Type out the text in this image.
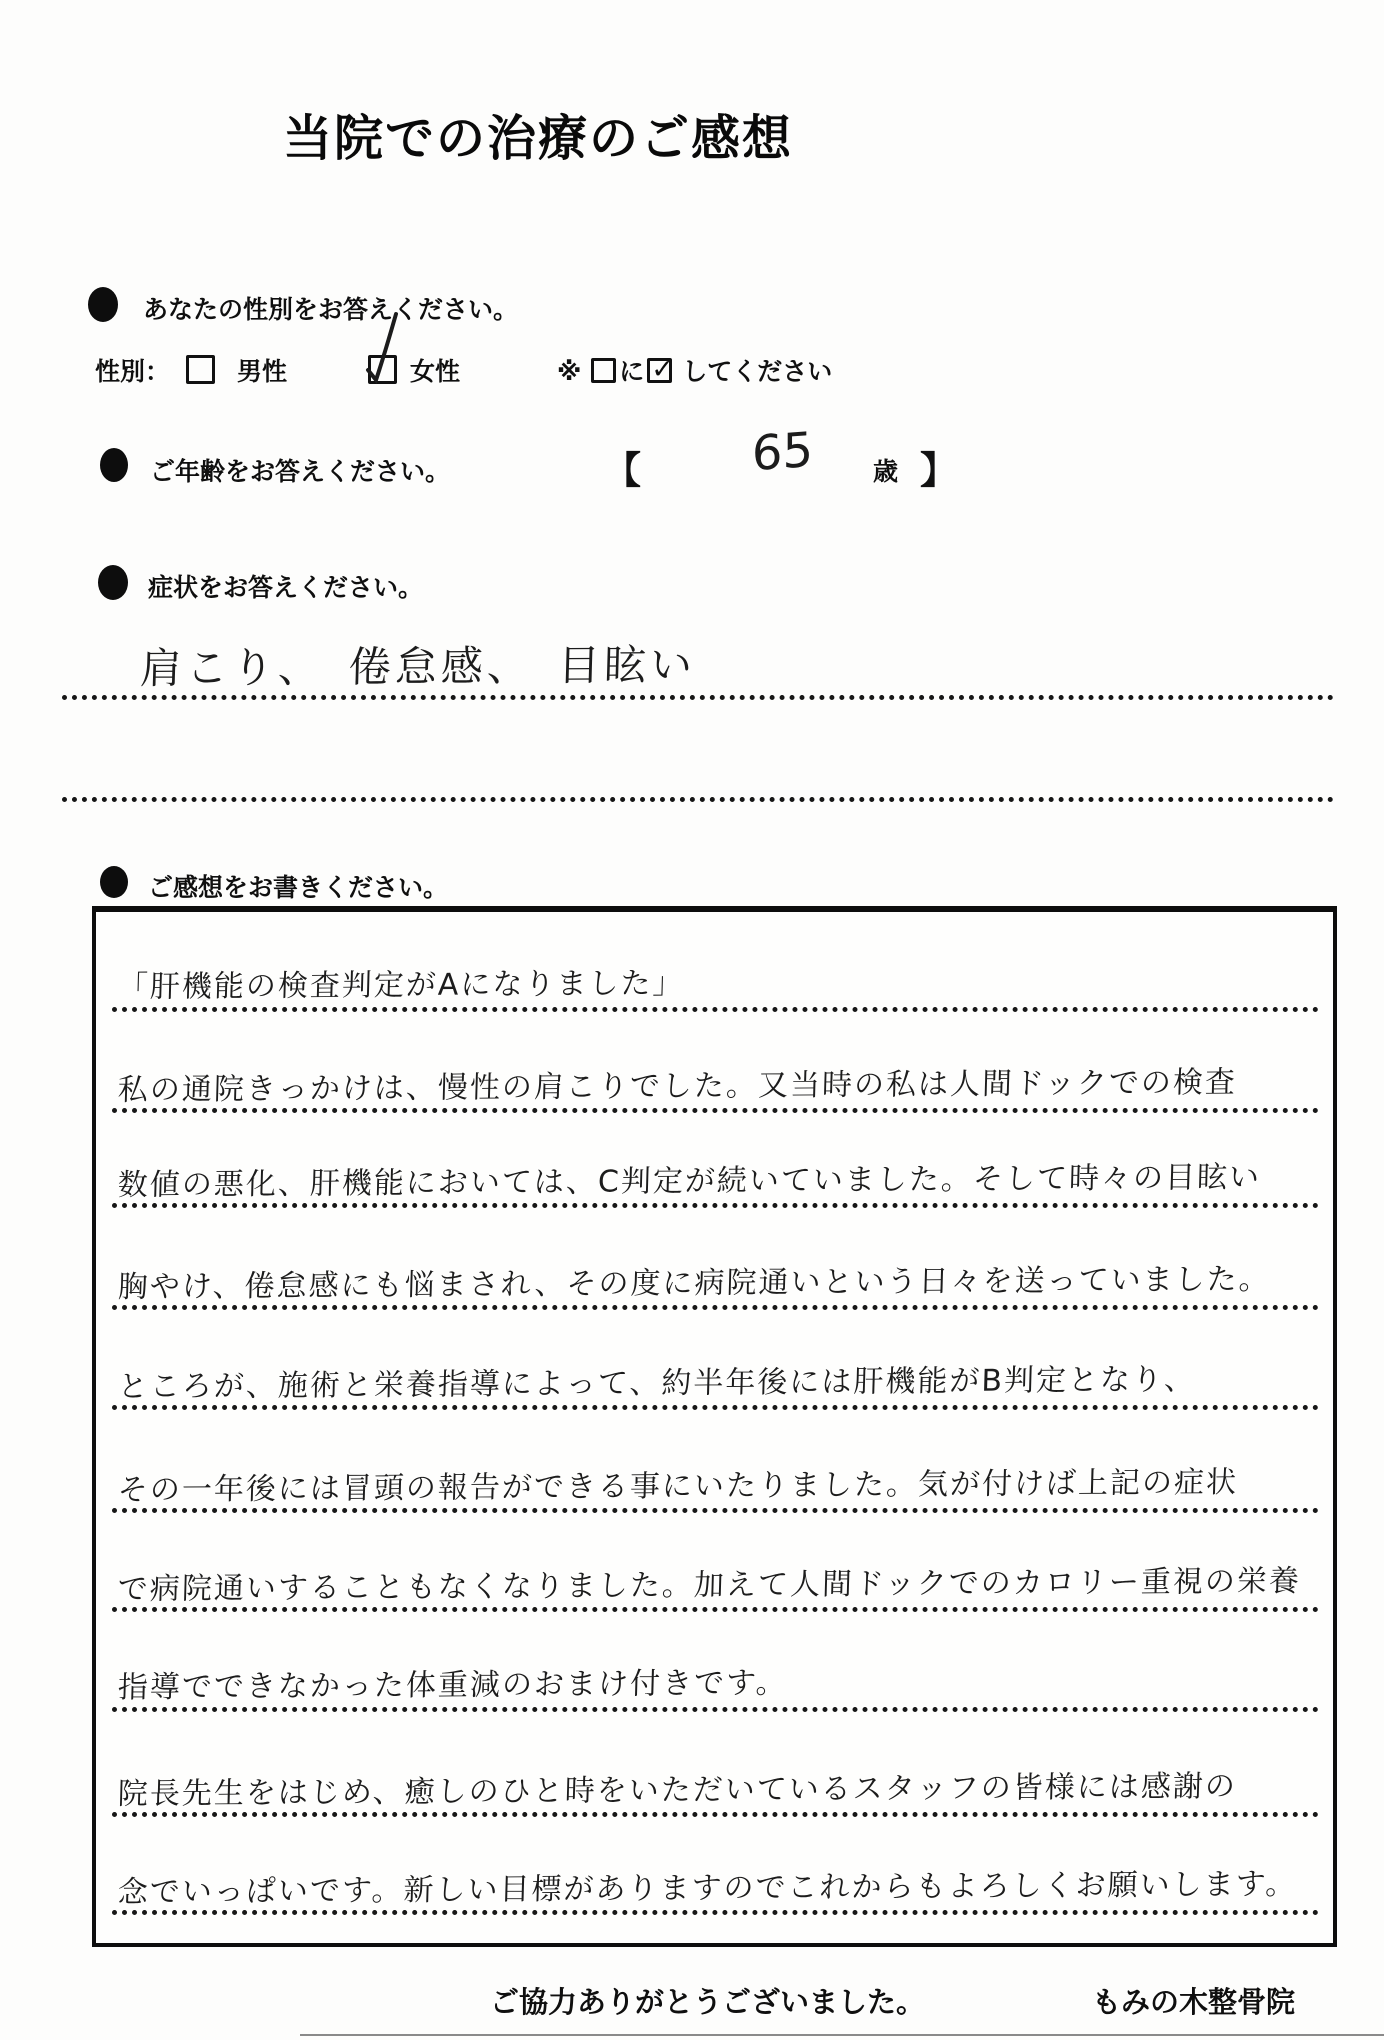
当院での治療のご感想
あなたの性別をお答えください。
性別：	男性	女性	※ に ✓ してください
ご年齢をお答えください。	【 65 歳 】
症状をお答えください。
肩こり、　倦怠感、　目眩い
ご感想をお書きください。
「肝機能の検査判定がAになりました」
私の通院きっかけは、慢性の肩こりでした。又当時の私は人間ドックでの検査
数値の悪化、肝機能においては、C判定が続いていました。そして時々の目眩い
胸やけ、倦怠感にも悩まされ、その度に病院通いという日々を送っていました。
ところが、施術と栄養指導によって、約半年後には肝機能がB判定となり、
その一年後には冒頭の報告ができる事にいたりました。気が付けば上記の症状
で病院通いすることもなくなりました。加えて人間ドックでのカロリー重視の栄養
指導でできなかった体重減のおまけ付きです。
院長先生をはじめ、癒しのひと時をいただいているスタッフの皆様には感謝の
念でいっぱいです。新しい目標がありますのでこれからもよろしくお願いします。
ご協力ありがとうございました。	もみの木整骨院
